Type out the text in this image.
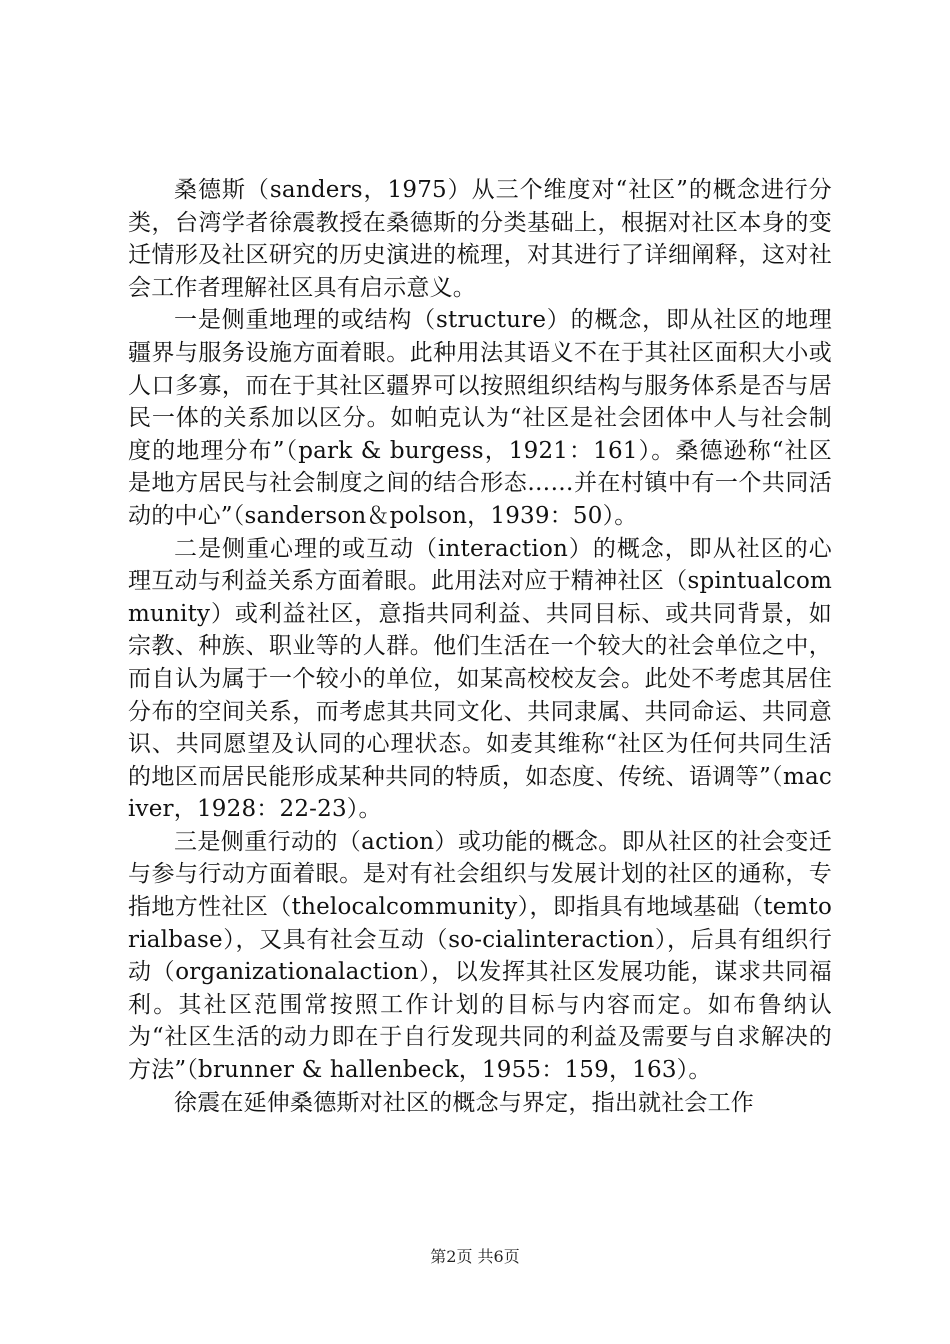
桑德斯（sanders，1975）从三个维度对“社区”的概念进行分类，台湾学者徐震教授在桑德斯的分类基础上，根据对社区本身的变迁情形及社区研究的历史演进的梳理，对其进行了详细阐释，这对社会工作者理解社区具有启示意义。

一是侧重地理的或结构（structure）的概念，即从社区的地理疆界与服务设施方面着眼。此种用法其语义不在于其社区面积大小或人口多寡，而在于其社区疆界可以按照组织结构与服务体系是否与居民一体的关系加以区分。如帕克认为“社区是社会团体中人与社会制度的地理分布”（park & burgess，1921：161）。桑德逊称“社区是地方居民与社会制度之间的结合形态……并在村镇中有一个共同活动的中心”（sanderson＆polson，1939：50）。

二是侧重心理的或互动（interaction）的概念，即从社区的心理互动与利益关系方面着眼。此用法对应于精神社区（spintualcommunity）或利益社区，意指共同利益、共同目标、或共同背景，如宗教、种族、职业等的人群。他们生活在一个较大的社会单位之中，而自认为属于一个较小的单位，如某高校校友会。此处不考虑其居住分布的空间关系，而考虑其共同文化、共同隶属、共同命运、共同意识、共同愿望及认同的心理状态。如麦其维称“社区为任何共同生活的地区而居民能形成某种共同的特质，如态度、传统、语调等”（maciver，1928：22-23）。

三是侧重行动的（action）或功能的概念。即从社区的社会变迁与参与行动方面着眼。是对有社会组织与发展计划的社区的通称，专指地方性社区（thelocalcommunity），即指具有地域基础（temtorialbase），又具有社会互动（so-cialinteraction），后具有组织行动（organizationalaction），以发挥其社区发展功能，谋求共同福利。其社区范围常按照工作计划的目标与内容而定。如布鲁纳认为“社区生活的动力即在于自行发现共同的利益及需要与自求解决的方法”（brunner & hallenbeck，1955：159，163）。

徐震在延伸桑德斯对社区的概念与界定，指出就社会工作

第2页 共6页
